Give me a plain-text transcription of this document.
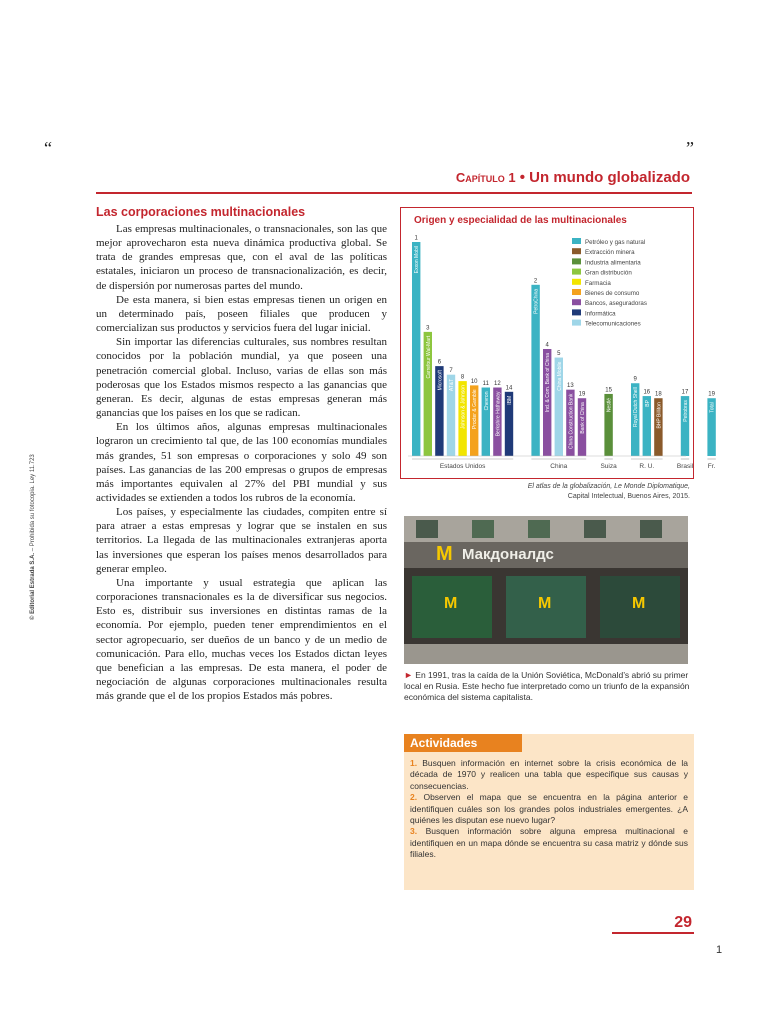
“	”
Capítulo 1 • Un mundo globalizado
© Editorial Estrada S.A. – Prohibida su fotocopia. Ley 11.723
Las corporaciones multinacionales

Las empresas multinacionales, o transnacionales, son las que mejor aprovecharon esta nueva dinámica productiva global. Se trata de grandes empresas que, con el aval de las políticas estatales, iniciaron un proceso de transnacionalización, es decir, de dispersión por numerosas partes del mundo.

De esta manera, si bien estas empresas tienen un origen en un determinado país, poseen filiales que producen y comercializan sus productos y servicios fuera del lugar inicial.

Sin importar las diferencias culturales, sus nombres resultan conocidos por la población mundial, ya que poseen una penetración comercial global. Incluso, varias de ellas son más poderosas que los Estados mismos respecto a las ganancias que generan. Es decir, algunas de estas empresas generan más ganancias que los países en los que se radican.

En los últimos años, algunas empresas multinacionales lograron un crecimiento tal que, de las 100 economías mundiales más grandes, 51 son empresas o corporaciones y solo 49 son países. Las ganancias de las 200 empresas o grupos de empresas más importantes equivalen al 27% del PBI mundial y sus actividades se extienden a todos los rubros de la economía.

Los países, y especialmente las ciudades, compiten entre sí para atraer a estas empresas y lograr que se instalen en sus territorios. La llegada de las multinacionales extranjeras aporta las inversiones que esperan los países menos desarrollados para generar empleo.

Una importante y usual estrategia que aplican las corporaciones transnacionales es la de diversificar sus negocios. Esto es, distribuir sus inversiones en distintas ramas de la economía. Por ejemplo, pueden tener emprendimientos en el sector agropecuario, ser dueños de un banco y de un medio de comunicación. Para ello, muchas veces los Estados dictan leyes que benefician a las empresas. De esta manera, el poder de negociación de algunas corporaciones multinacionales resulta más grande que el de los propios Estados más pobres.

Origen y especialidad de las multinacionales
Petróleo y gas natural
Extracción minera
Industria alimentaria
Gran distribución
Farmacia
Bienes de consumo
Bancos, aseguradoras
Informática
Telecomunicaciones
1
Exxon Mobil
3
Carrefour Wal-Mart 6
Microsoft 7
AT&T
8
Johnson & Johnson
10
Procter & Gamble
11
Chevron
12
Berkshire Hathaway
14
IBM
Estados Unidos
2
PetroChina
4
Ind. & Com. Bank of China 5
China Mobile 13
China Construction Bank 19
Bank of China
China
15
Nestlé
Suiza
9
Royal Dutch Shell 16
BP
18
BHP Billiton
R. U.
17
Petrobras
Brasil
19
Total
Fr.
El atlas de la globalización, Le Monde Diplomatique,
Capital Intelectual, Buenos Aires, 2015.
M Макдоналдс
M	M	M
► En 1991, tras la caída de la Unión Soviética, McDonald’s abrió su primer local en Rusia. Este hecho fue interpretado como un triunfo de la expansión económica del sistema capitalista.
Actividades

1. Busquen información en internet sobre la crisis económica de la década de 1970 y realicen una tabla que especifique sus causas y consecuencias.

2. Observen el mapa que se encuentra en la página anterior e identifiquen cuáles son los grandes polos industriales emergentes. ¿A quiénes les disputan ese nuevo lugar?

3. Busquen información sobre alguna empresa multinacional e identifiquen en un mapa dónde se encuentra su casa matriz y dónde sus filiales.

29
1
